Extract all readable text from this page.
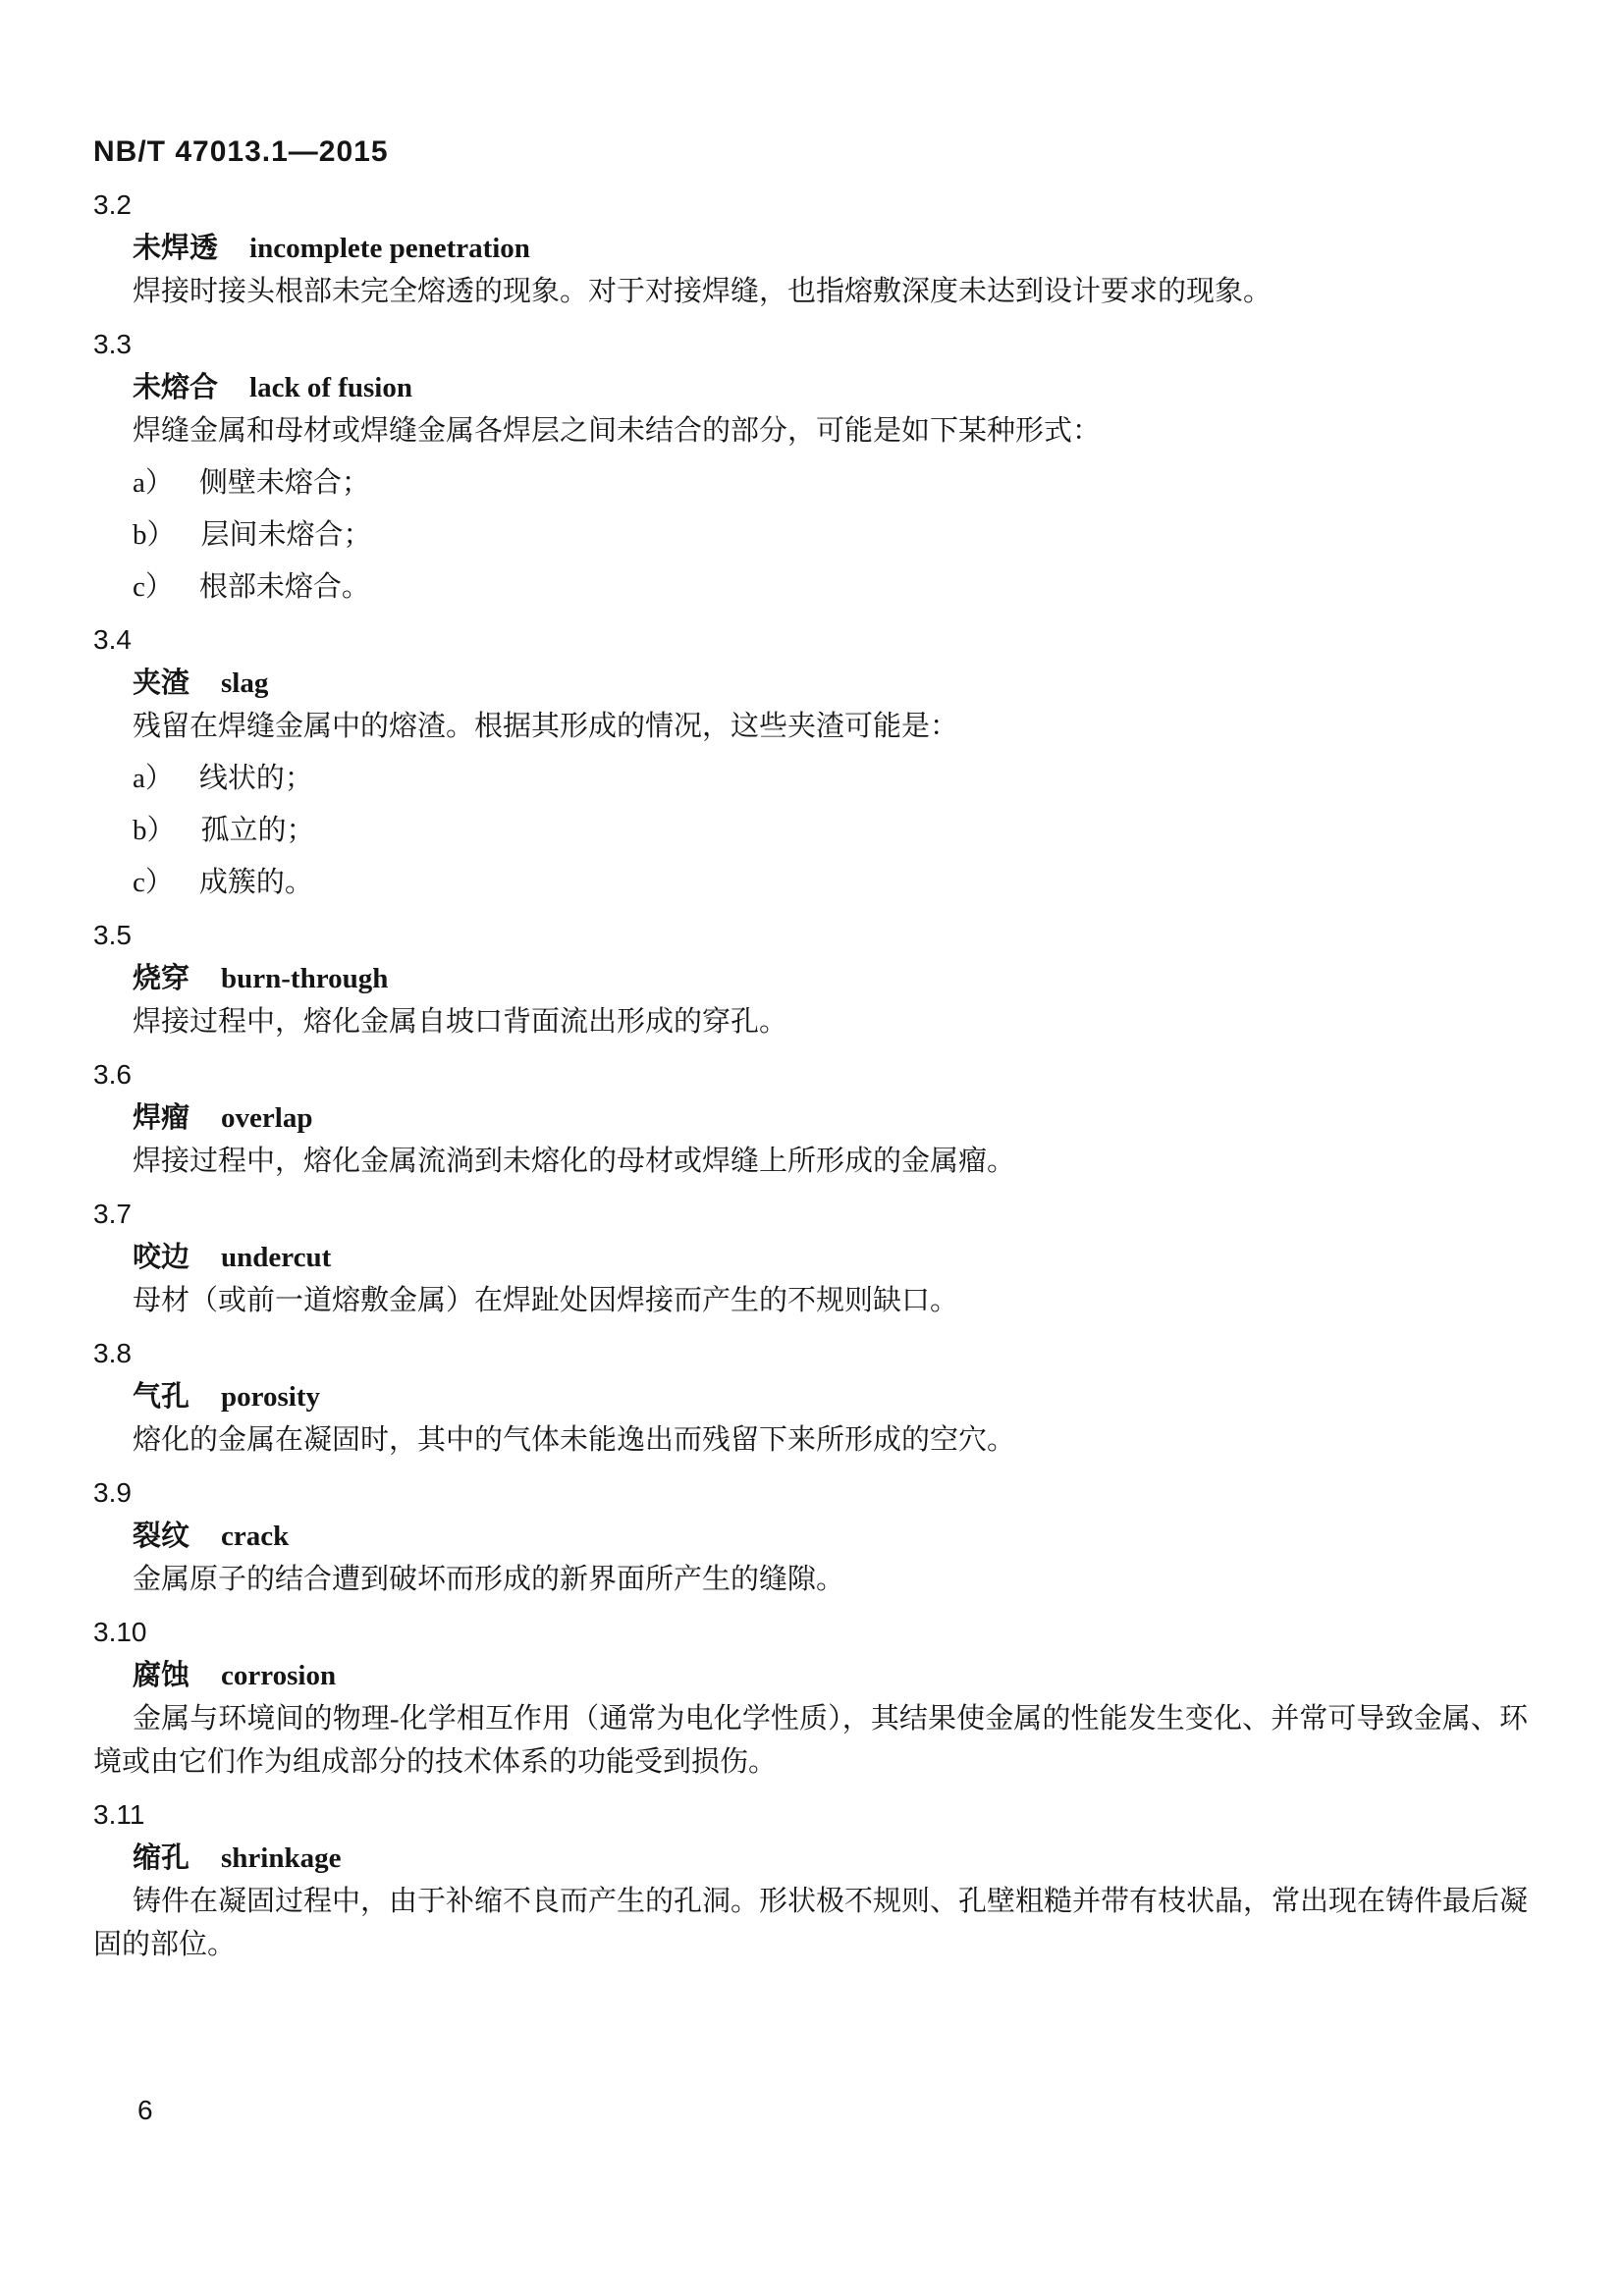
NB/T 47013.1—2015
3.2
未焊透 incomplete penetration

焊接时接头根部未完全熔透的现象。对于对接焊缝，也指熔敷深度未达到设计要求的现象。

3.3
未熔合 lack of fusion

焊缝金属和母材或焊缝金属各焊层之间未结合的部分，可能是如下某种形式：

a） 侧壁未熔合；
b） 层间未熔合；
c） 根部未熔合。
3.4
夹渣 slag

残留在焊缝金属中的熔渣。根据其形成的情况，这些夹渣可能是：

a） 线状的；
b） 孤立的；
c） 成簇的。
3.5
烧穿 burn-through

焊接过程中，熔化金属自坡口背面流出形成的穿孔。

3.6
焊瘤 overlap

焊接过程中，熔化金属流淌到未熔化的母材或焊缝上所形成的金属瘤。

3.7
咬边 undercut

母材（或前一道熔敷金属）在焊趾处因焊接而产生的不规则缺口。

3.8
气孔 porosity

熔化的金属在凝固时，其中的气体未能逸出而残留下来所形成的空穴。

3.9
裂纹 crack

金属原子的结合遭到破坏而形成的新界面所产生的缝隙。

3.10
腐蚀 corrosion

金属与环境间的物理-化学相互作用（通常为电化学性质），其结果使金属的性能发生变化、并常可导致金属、环境或由它们作为组成部分的技术体系的功能受到损伤。

3.11
缩孔 shrinkage

铸件在凝固过程中，由于补缩不良而产生的孔洞。形状极不规则、孔壁粗糙并带有枝状晶，常出现在铸件最后凝固的部位。

6
